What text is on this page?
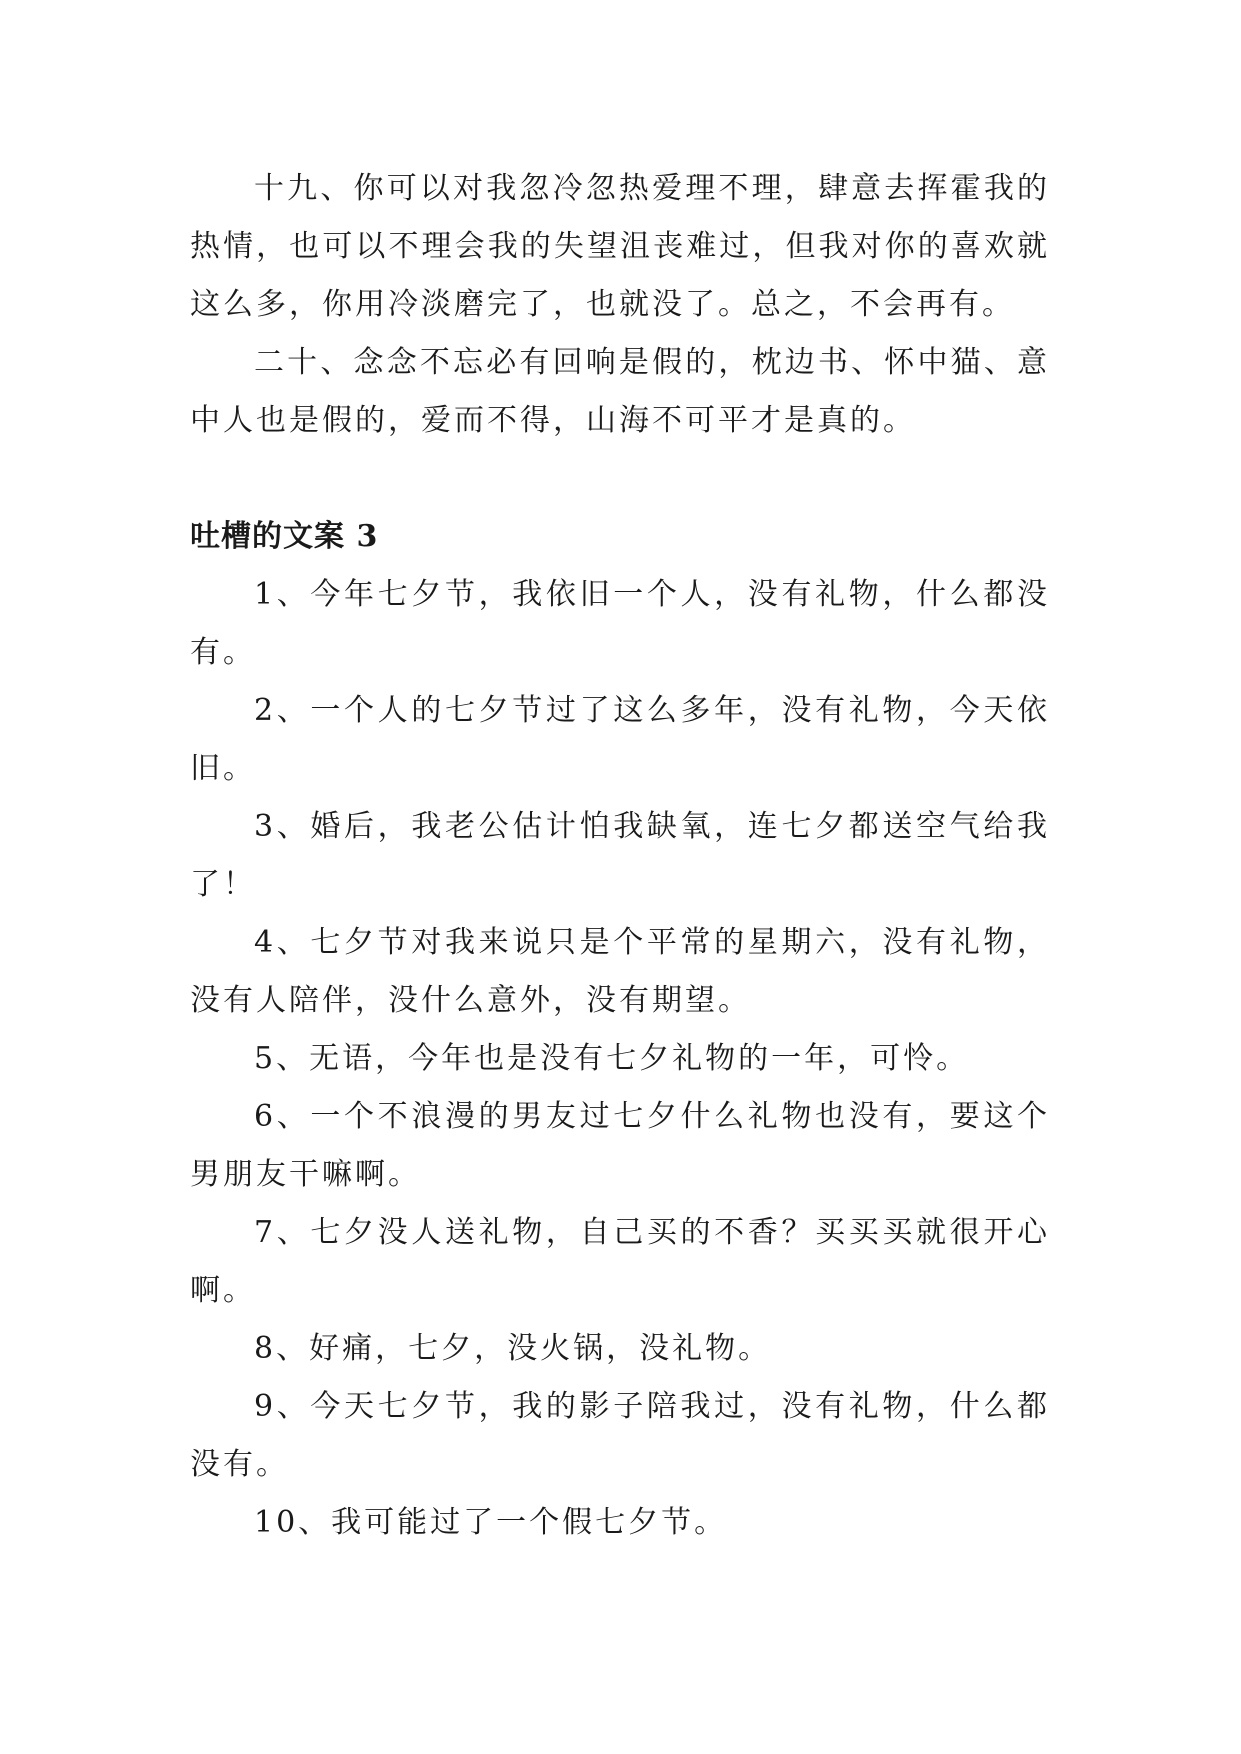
十九、你可以对我忽冷忽热爱理不理，肆意去挥霍我的热情，也可以不理会我的失望沮丧难过，但我对你的喜欢就这么多，你用冷淡磨完了，也就没了。总之，不会再有。

二十、念念不忘必有回响是假的，枕边书、怀中猫、意中人也是假的，爱而不得，山海不可平才是真的。

吐槽的文案 3

1、今年七夕节，我依旧一个人，没有礼物，什么都没有。

2、一个人的七夕节过了这么多年，没有礼物，今天依旧。

3、婚后，我老公估计怕我缺氧，连七夕都送空气给我了！

4、七夕节对我来说只是个平常的星期六，没有礼物，没有人陪伴，没什么意外，没有期望。

5、无语，今年也是没有七夕礼物的一年，可怜。

6、一个不浪漫的男友过七夕什么礼物也没有，要这个男朋友干嘛啊。

7、七夕没人送礼物，自己买的不香？买买买就很开心啊。

8、好痛，七夕，没火锅，没礼物。

9、今天七夕节，我的影子陪我过，没有礼物，什么都没有。

10、我可能过了一个假七夕节。
